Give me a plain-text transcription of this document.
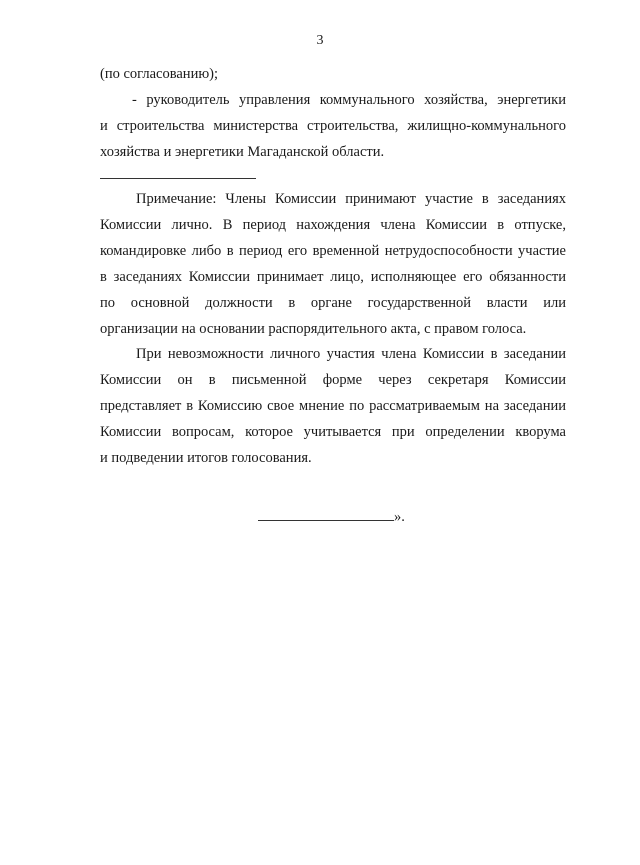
3
(по согласованию);
- руководитель управления коммунального хозяйства, энергетики
и строительства министерства строительства, жилищно-коммунального
хозяйства и энергетики Магаданской области.
Примечание: Члены Комиссии принимают участие в заседаниях
Комиссии лично. В период нахождения члена Комиссии в отпуске,
командировке либо в период его временной нетрудоспособности участие
в заседаниях Комиссии принимает лицо, исполняющее его обязанности
по основной должности в органе государственной власти или
организации на основании распорядительного акта, с правом голоса.
При невозможности личного участия члена Комиссии в заседании
Комиссии он в письменной форме через секретаря Комиссии
представляет в Комиссию свое мнение по рассматриваемым на заседании
Комиссии вопросам, которое учитывается при определении кворума
и подведении итогов голосования.
».
